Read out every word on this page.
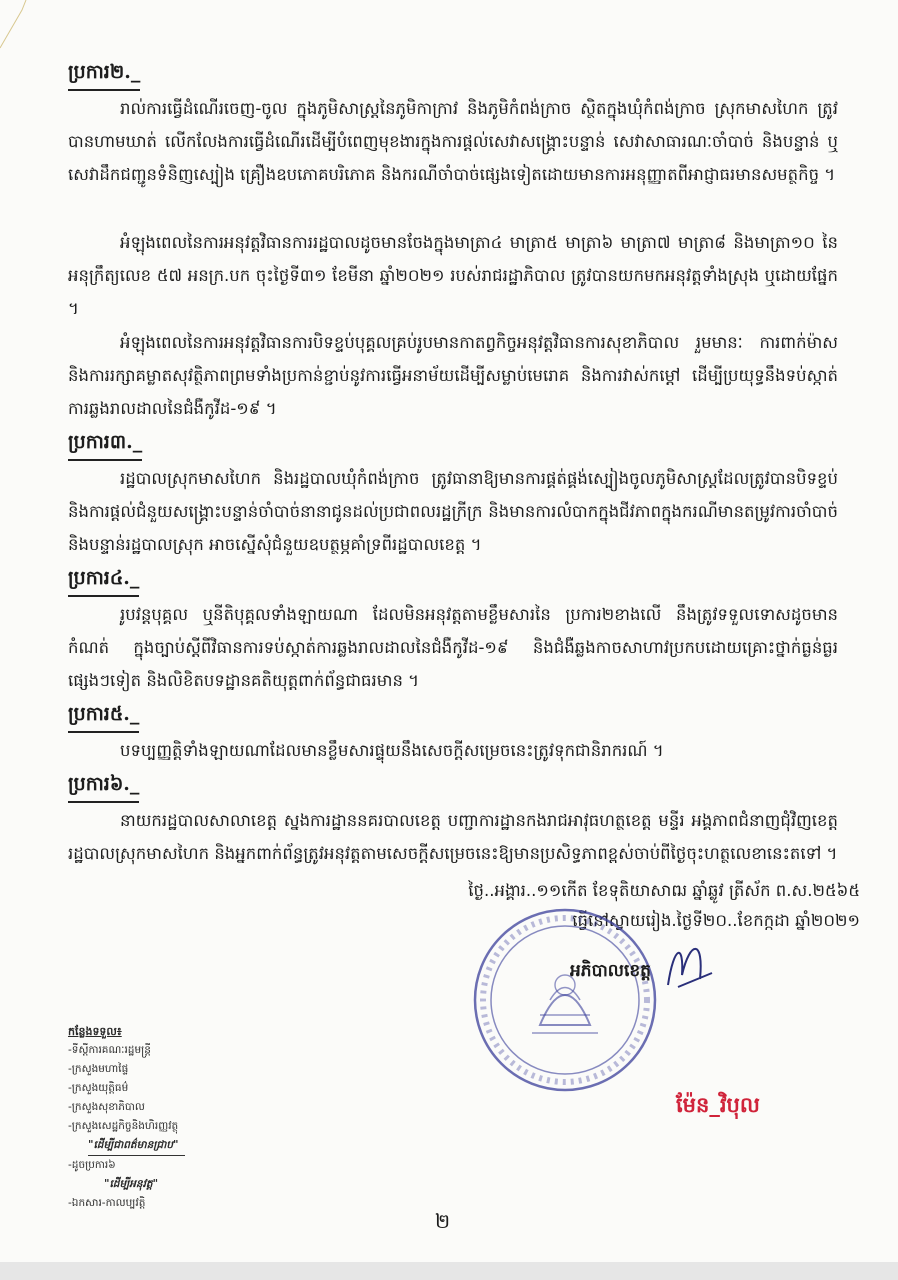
ប្រការ២._
រាល់ការធ្វើដំណើរចេញ-ចូល ក្នុងភូមិសាស្ត្រនៃភូមិកាក្រាវ និងភូមិកំពង់ក្រាច ស្ថិតក្នុងឃុំកំពង់ក្រាច ស្រុកមាសហៃក ត្រូវបានហាមឃាត់ លើកលែងការធ្វើដំណើរដើម្បីបំពេញមុខងារក្នុងការផ្ដល់សេវាសង្គ្រោះបន្ទាន់ សេវាសាធារណៈចាំបាច់ និងបន្ទាន់ ឬសេវាដឹកជញ្ជូនទំនិញស្បៀង គ្រឿងឧបភោគបរិភោគ និងករណីចាំបាច់ផ្សេងទៀតដោយមានការអនុញ្ញាតពីអាជ្ញាធរមានសមត្ថកិច្ច ។
អំឡុងពេលនៃការអនុវត្តវិធានការរដ្ឋបាលដូចមានចែងក្នុងមាត្រា៤ មាត្រា៥ មាត្រា៦ មាត្រា៧ មាត្រា៨ និងមាត្រា១០ នៃអនុក្រឹត្យលេខ ៥៧ អនក្រ.បក ចុះថ្ងៃទី៣១ ខែមីនា ឆ្នាំ២០២១ របស់រាជរដ្ឋាភិបាល ត្រូវបានយកមកអនុវត្តទាំងស្រុង ឬដោយផ្នែក ។
អំឡុងពេលនៃការអនុវត្តវិធានការបិទខ្ទប់បុគ្គលគ្រប់រូបមានកាតព្វកិច្ចអនុវត្តវិធានការសុខាភិបាល រួមមានៈ ការពាក់ម៉ាស និងការរក្សាគម្លាតសុវត្ថិភាពព្រមទាំងប្រកាន់ខ្ជាប់នូវការធ្វើអនាម័យដើម្បីសម្លាប់មេរោគ និងការវាស់កម្ដៅ ដើម្បីប្រយុទ្ធនឹងទប់ស្កាត់ការឆ្លងរាលដាលនៃជំងឺកូវីដ-១៩ ។
ប្រការ៣._
រដ្ឋបាលស្រុកមាសហៃក និងរដ្ឋបាលឃុំកំពង់ក្រាច ត្រូវធានាឱ្យមានការផ្គត់ផ្គង់ស្បៀងចូលភូមិសាស្ត្រដែលត្រូវបានបិទខ្ទប់ និងការផ្ដល់ជំនួយសង្គ្រោះបន្ទាន់ចាំបាច់នានាជូនដល់ប្រជាពលរដ្ឋក្រីក្រ និងមានការលំបាកក្នុងជីវភាពក្នុងករណីមានតម្រូវការចាំបាច់ និងបន្ទាន់រដ្ឋបាលស្រុក អាចស្នើសុំជំនួយឧបត្ថម្ភគាំទ្រពីរដ្ឋបាលខេត្ត ។
ប្រការ៤._
រូបវន្តបុគ្គល ឬនីតិបុគ្គលទាំងឡាយណា ដែលមិនអនុវត្តតាមខ្លឹមសារនៃ ប្រការ២ខាងលើ នឹងត្រូវទទួលទោសដូចមានកំណត់ ក្នុងច្បាប់ស្ដីពីវិធានការទប់ស្កាត់ការឆ្លងរាលដាលនៃជំងឺកូវីដ-១៩ និងជំងឺឆ្លងកាចសាហាវប្រកបដោយគ្រោះថ្នាក់ធ្ងន់ធ្ងរផ្សេងៗទៀត និងលិខិតបទដ្ឋានគតិយុត្តពាក់ព័ន្ធជាធរមាន ។
ប្រការ៥._
បទប្បញ្ញត្តិទាំងឡាយណាដែលមានខ្លឹមសារផ្ទុយនឹងសេចក្ដីសម្រេចនេះត្រូវទុកជានិរាករណ៍ ។
ប្រការ៦._
នាយករដ្ឋបាលសាលាខេត្ត ស្នងការដ្ឋាននគរបាលខេត្ត បញ្ជាការដ្ឋានកងរាជអាវុធហត្ថខេត្ត មន្ទីរ អង្គភាពជំនាញជុំវិញខេត្ត រដ្ឋបាលស្រុកមាសហៃក និងអ្នកពាក់ព័ន្ធត្រូវអនុវត្តតាមសេចក្ដីសម្រេចនេះឱ្យមានប្រសិទ្ធភាពខ្ពស់ចាប់ពីថ្ងៃចុះហត្ថលេខានេះតទៅ ។
ថ្ងៃ..អង្គារ..១១កើត ខែទុតិយាសាឍ ឆ្នាំឆ្លូវ ត្រីស័ក ព.ស.២៥៦៥
ធ្វើនៅស្វាយរៀង.ថ្ងៃទី២០..ខែកក្កដា ឆ្នាំ២០២១
អភិបាលខេត្ត
ម៉ែន_វិបុល
កន្លែងទទួល៖
-ទីស្ដីការគណៈរដ្ឋមន្ត្រី
-ក្រសួងមហាផ្ទៃ
-ក្រសួងយុត្តិធម៌
-ក្រសួងសុខាភិបាល
-ក្រសួងសេដ្ឋកិច្ចនិងហិរញ្ញវត្ថុ
"ដើម្បីជាពត៌មានជ្រាប"
-ដូចប្រការ៦
"ដើម្បីអនុវត្ត"
-ឯកសារ-កាលប្បវត្តិ
២
